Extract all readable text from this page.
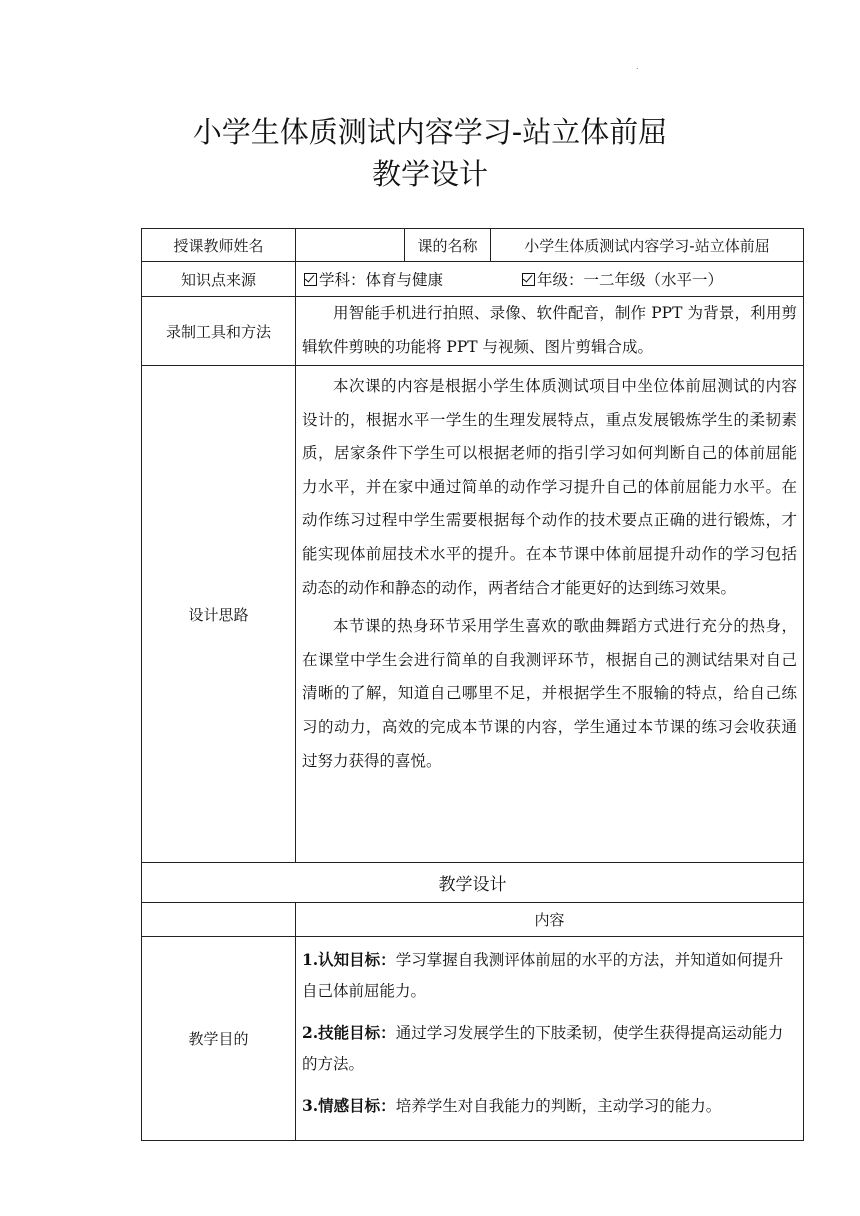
.
小学生体质测试内容学习-站立体前屈
教学设计
授课教师姓名		课的名称	小学生体质测试内容学习-站立体前屈
知识点来源	学科：体育与健康 年级：一二年级（水平一）		
录制工具和方法	用智能手机进行拍照、录像、软件配音，制作 PPT 为背景，利用剪辑软件剪映的功能将 PPT 与视频、图片剪辑合成。		

设计思路	本次课的内容是根据小学生体质测试项目中坐位体前屈测试的内容设计的，根据水平一学生的生理发展特点，重点发展锻炼学生的柔韧素质，居家条件下学生可以根据老师的指引学习如何判断自己的体前屈能力水平，并在家中通过简单的动作学习提升自己的体前屈能力水平。在动作练习过程中学生需要根据每个动作的技术要点正确的进行锻炼，才能实现体前屈技术水平的提升。在本节课中体前屈提升动作的学习包括动态的动作和静态的动作，两者结合才能更好的达到练习效果。

本节课的热身环节采用学生喜欢的歌曲舞蹈方式进行充分的热身，在课堂中学生会进行简单的自我测评环节，根据自己的测试结果对自己清晰的了解，知道自己哪里不足，并根据学生不服输的特点，给自己练习的动力，高效的完成本节课的内容，学生通过本节课的练习会收获通过努力获得的喜悦。		

教学设计			
	内容		
教学目的	1.认知目标：学习掌握自我测评体前屈的水平的方法，并知道如何提升自己体前屈能力。

2.技能目标：通过学习发展学生的下肢柔韧，使学生获得提高运动能力的方法。

3.情感目标：培养学生对自我能力的判断，主动学习的能力。		
